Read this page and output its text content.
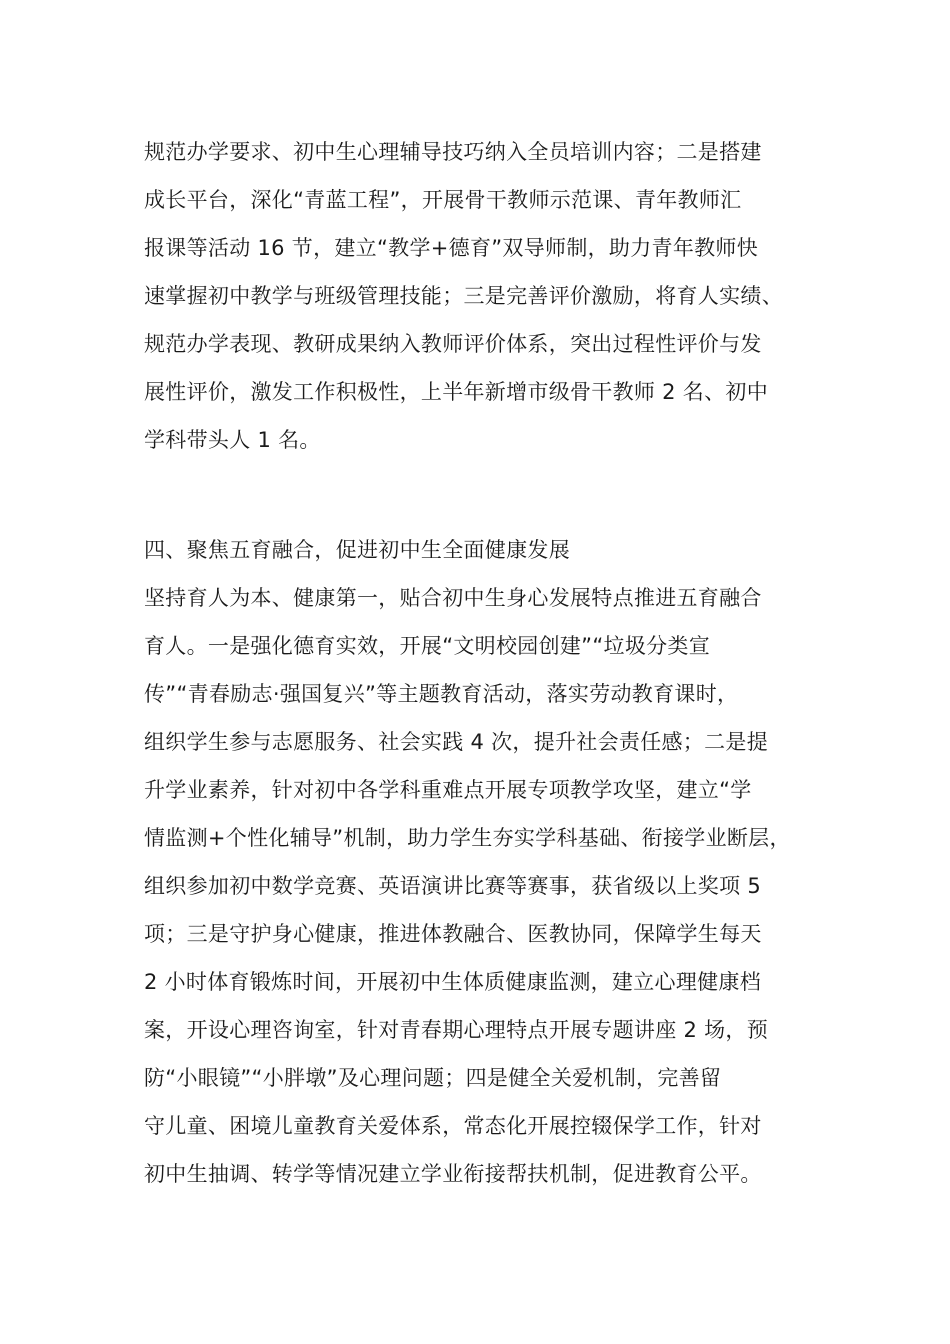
规范办学要求、初中生心理辅导技巧纳入全员培训内容；二是搭建
成长平台，深化“青蓝工程”，开展骨干教师示范课、青年教师汇
报课等活动 16 节，建立“教学+德育”双导师制，助力青年教师快
速掌握初中教学与班级管理技能；三是完善评价激励，将育人实绩、
规范办学表现、教研成果纳入教师评价体系，突出过程性评价与发
展性评价，激发工作积极性，上半年新增市级骨干教师 2 名、初中
学科带头人 1 名。
四、聚焦五育融合，促进初中生全面健康发展
坚持育人为本、健康第一，贴合初中生身心发展特点推进五育融合
育人。一是强化德育实效，开展“文明校园创建”“垃圾分类宣
传”“青春励志·强国复兴”等主题教育活动，落实劳动教育课时，
组织学生参与志愿服务、社会实践 4 次，提升社会责任感；二是提
升学业素养，针对初中各学科重难点开展专项教学攻坚，建立“学
情监测+个性化辅导”机制，助力学生夯实学科基础、衔接学业断层，
组织参加初中数学竞赛、英语演讲比赛等赛事，获省级以上奖项 5
项；三是守护身心健康，推进体教融合、医教协同，保障学生每天
2 小时体育锻炼时间，开展初中生体质健康监测，建立心理健康档
案，开设心理咨询室，针对青春期心理特点开展专题讲座 2 场，预
防“小眼镜”“小胖墩”及心理问题；四是健全关爱机制，完善留
守儿童、困境儿童教育关爱体系，常态化开展控辍保学工作，针对
初中生抽调、转学等情况建立学业衔接帮扶机制，促进教育公平。
